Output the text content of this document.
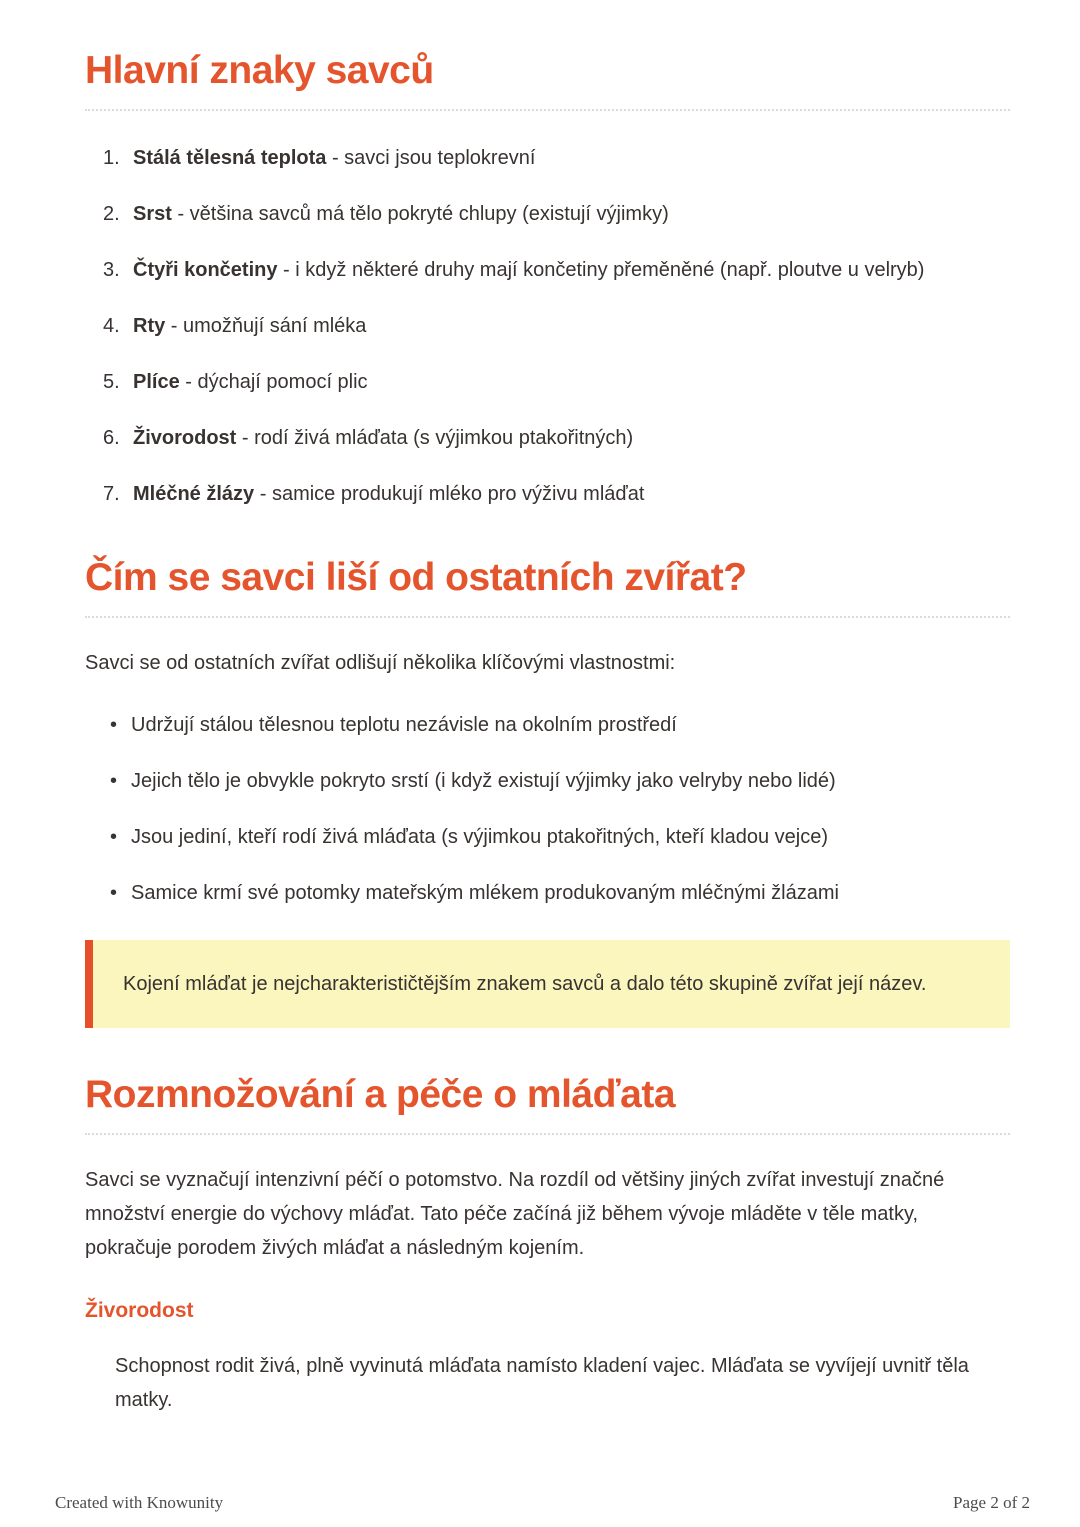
Hlavní znaky savců
1. Stálá tělesná teplota - savci jsou teplokrevní
2. Srst - většina savců má tělo pokryté chlupy (existují výjimky)
3. Čtyři končetiny - i když některé druhy mají končetiny přeměněné (např. ploutve u velryb)
4. Rty - umožňují sání mléka
5. Plíce - dýchají pomocí plic
6. Živorodost - rodí živá mláďata (s výjimkou ptakořitných)
7. Mléčné žlázy - samice produkují mléko pro výživu mláďat
Čím se savci liší od ostatních zvířat?

Savci se od ostatních zvířat odlišují několika klíčovými vlastnostmi:

• Udržují stálou tělesnou teplotu nezávisle na okolním prostředí
• Jejich tělo je obvykle pokryto srstí (i když existují výjimky jako velryby nebo lidé)
• Jsou jediní, kteří rodí živá mláďata (s výjimkou ptakořitných, kteří kladou vejce)
• Samice krmí své potomky mateřským mlékem produkovaným mléčnými žlázami

Kojení mláďat je nejcharakterističtějším znakem savců a dalo této skupině zvířat její název.

Rozmnožování a péče o mláďata

Savci se vyznačují intenzivní péčí o potomstvo. Na rozdíl od většiny jiných zvířat investují značné množství energie do výchovy mláďat. Tato péče začíná již během vývoje mláděte v těle matky, pokračuje porodem živých mláďat a následným kojením.

Živorodost

Schopnost rodit živá, plně vyvinutá mláďata namísto kladení vajec. Mláďata se vyvíjejí uvnitř těla matky.

Created with Knowunity	Page 2 of 2
